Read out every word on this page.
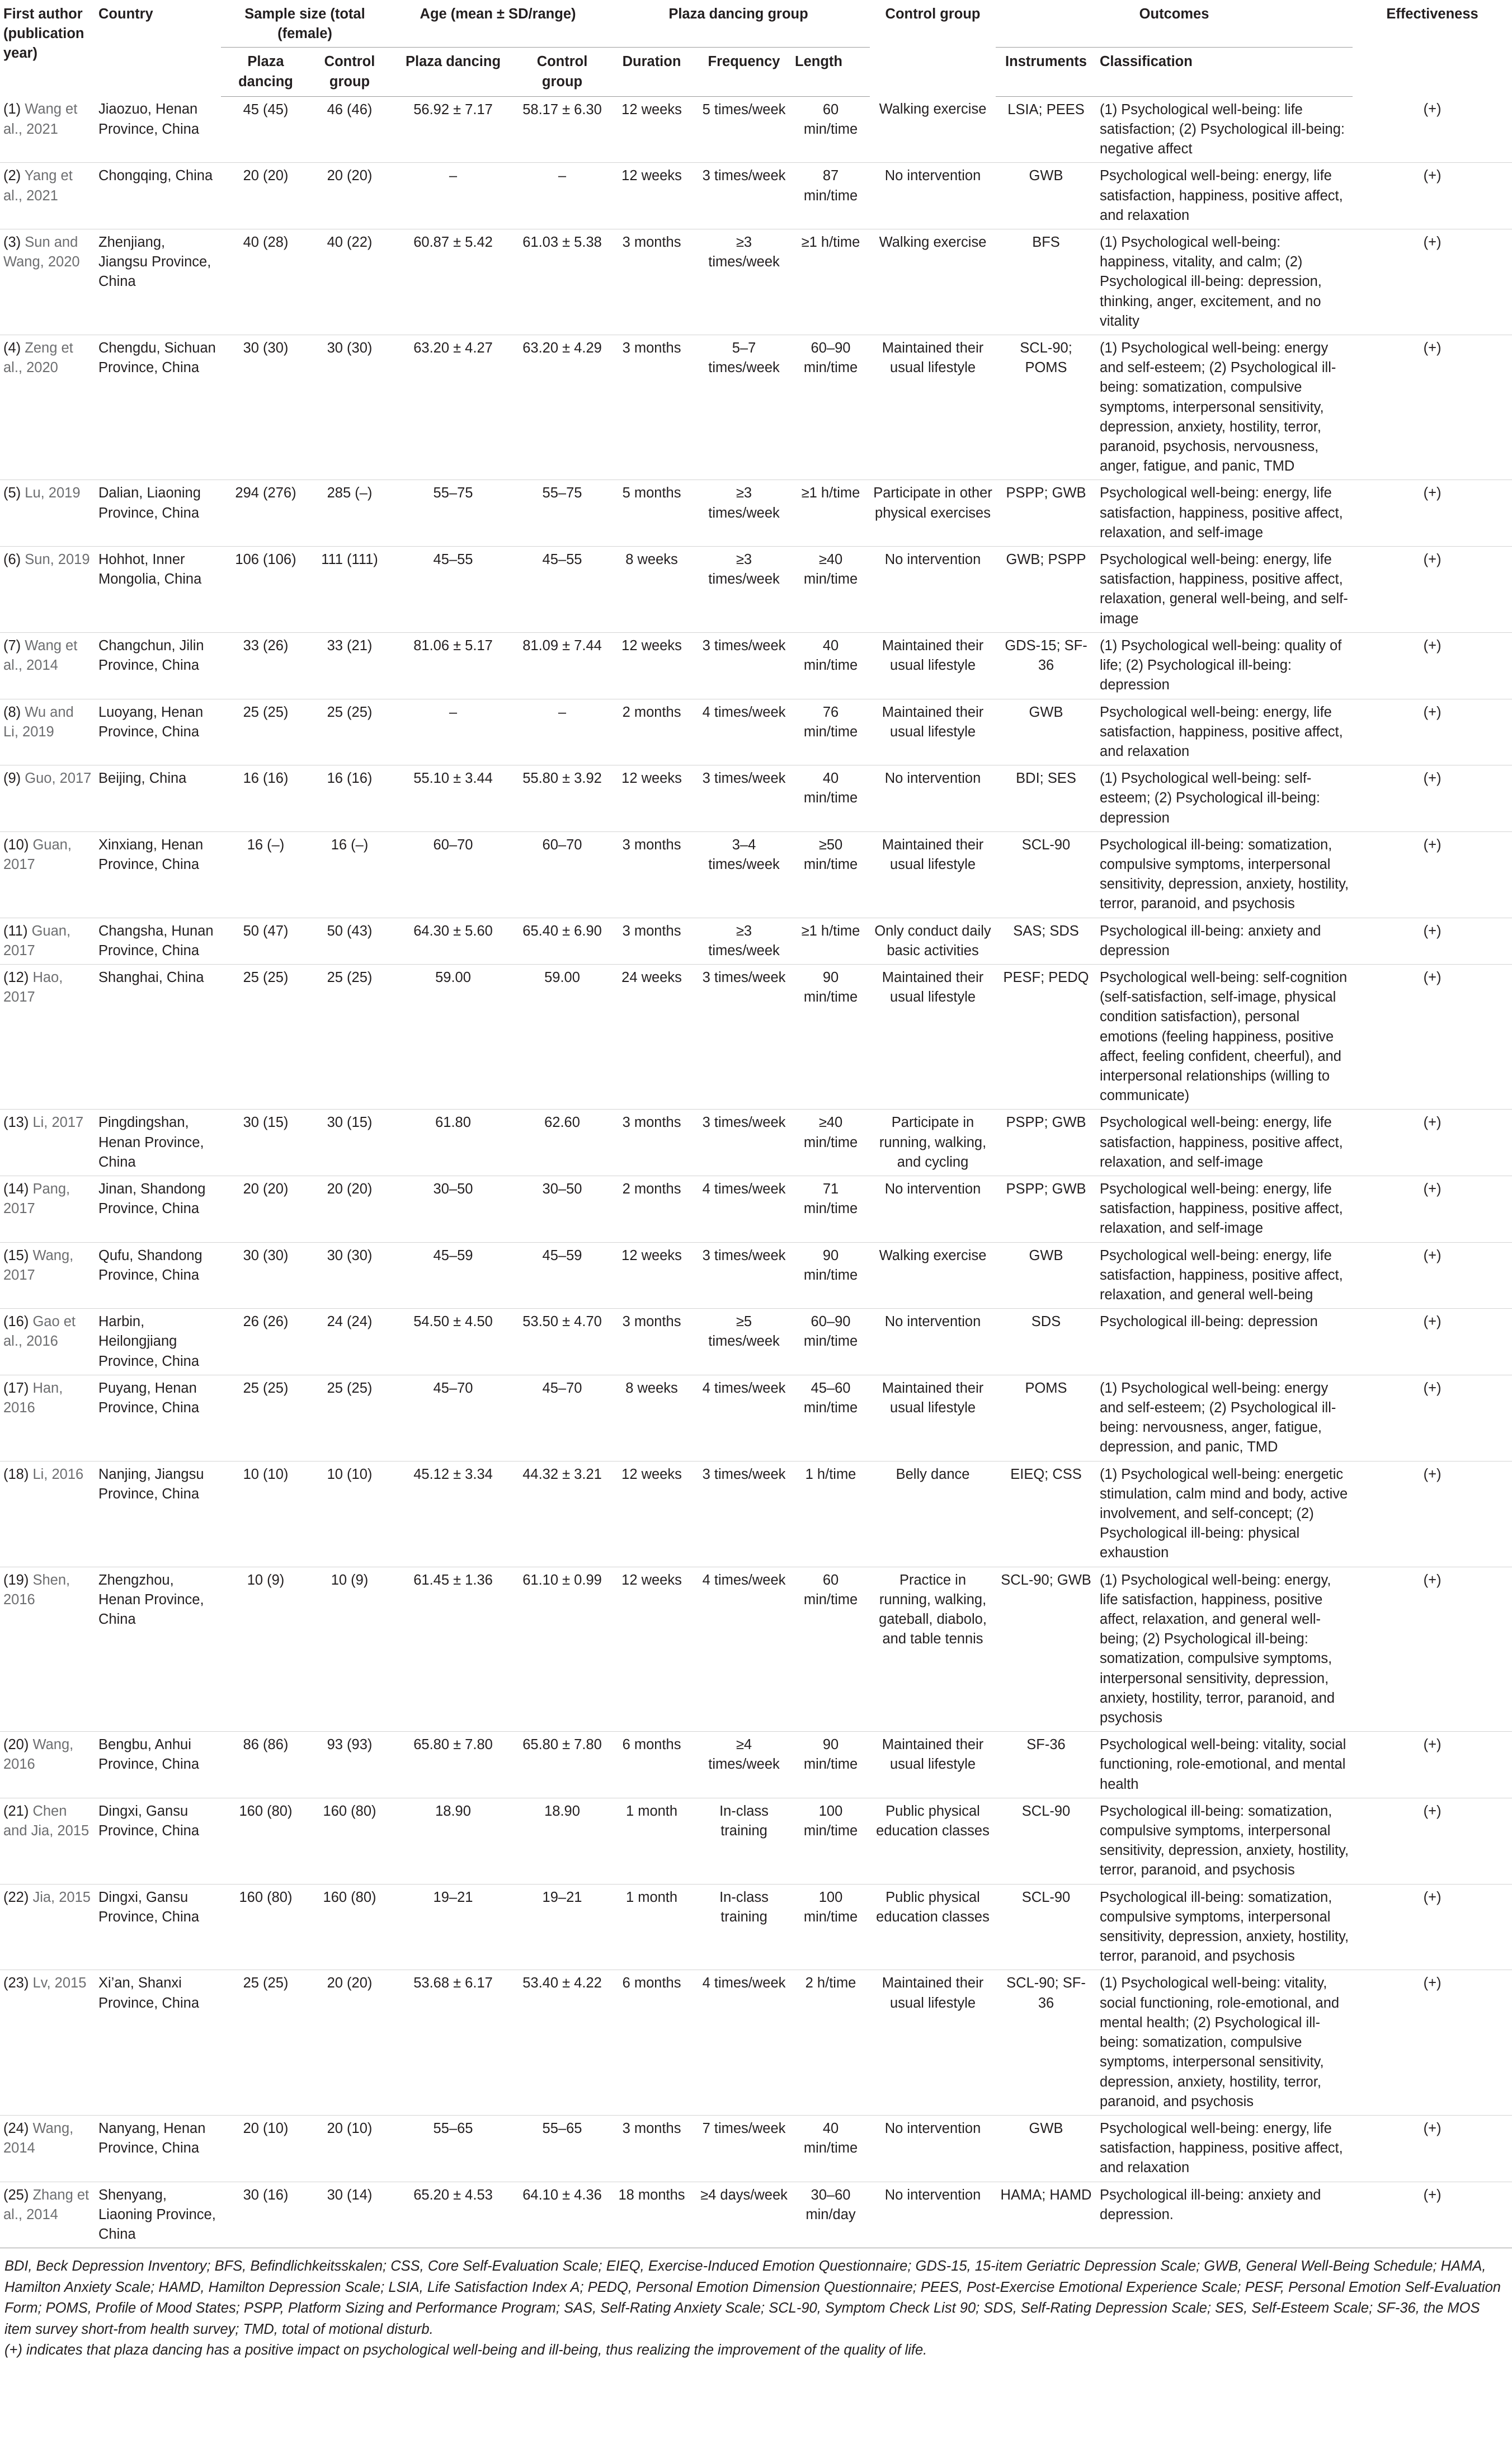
First author (publication year)	Country	Sample size (total (female)		Age (mean ± SD/range)		Plaza dancing group			Control group	Outcomes		Effectiveness
		Plaza dancing	Control group	Plaza dancing	Control group	Duration	Frequency	Length		Instruments	Classification	
(1) Wang et al., 2021	Jiaozuo, Henan Province, China	45 (45)	46 (46)	56.92 ± 7.17	58.17 ± 6.30	12 weeks	5 times/week	60 min/time	Walking exercise	LSIA; PEES	(1) Psychological well-being: life satisfaction; (2) Psychological ill-being: negative affect	(+)
(2) Yang et al., 2021	Chongqing, China	20 (20)	20 (20)	–	–	12 weeks	3 times/week	87 min/time	No intervention	GWB	Psychological well-being: energy, life satisfaction, happiness, positive affect, and relaxation	(+)
(3) Sun and Wang, 2020	Zhenjiang, Jiangsu Province, China	40 (28)	40 (22)	60.87 ± 5.42	61.03 ± 5.38	3 months	≥3 times/week	≥1 h/time	Walking exercise	BFS	(1) Psychological well-being: happiness, vitality, and calm; (2) Psychological ill-being: depression, thinking, anger, excitement, and no vitality	(+)
(4) Zeng et al., 2020	Chengdu, Sichuan Province, China	30 (30)	30 (30)	63.20 ± 4.27	63.20 ± 4.29	3 months	5–7 times/week	60–90 min/time	Maintained their usual lifestyle	SCL-90; POMS	(1) Psychological well-being: energy and self-esteem; (2) Psychological ill-being: somatization, compulsive symptoms, interpersonal sensitivity, depression, anxiety, hostility, terror, paranoid, psychosis, nervousness, anger, fatigue, and panic, TMD	(+)
(5) Lu, 2019	Dalian, Liaoning Province, China	294 (276)	285 (–)	55–75	55–75	5 months	≥3 times/week	≥1 h/time	Participate in other physical exercises	PSPP; GWB	Psychological well-being: energy, life satisfaction, happiness, positive affect, relaxation, and self-image	(+)
(6) Sun, 2019	Hohhot, Inner Mongolia, China	106 (106)	111 (111)	45–55	45–55	8 weeks	≥3 times/week	≥40 min/time	No intervention	GWB; PSPP	Psychological well-being: energy, life satisfaction, happiness, positive affect, relaxation, general well-being, and self-image	(+)
(7) Wang et al., 2014	Changchun, Jilin Province, China	33 (26)	33 (21)	81.06 ± 5.17	81.09 ± 7.44	12 weeks	3 times/week	40 min/time	Maintained their usual lifestyle	GDS-15; SF-36	(1) Psychological well-being: quality of life; (2) Psychological ill-being: depression	(+)
(8) Wu and Li, 2019	Luoyang, Henan Province, China	25 (25)	25 (25)	–	–	2 months	4 times/week	76 min/time	Maintained their usual lifestyle	GWB	Psychological well-being: energy, life satisfaction, happiness, positive affect, and relaxation	(+)
(9) Guo, 2017	Beijing, China	16 (16)	16 (16)	55.10 ± 3.44	55.80 ± 3.92	12 weeks	3 times/week	40 min/time	No intervention	BDI; SES	(1) Psychological well-being: self-esteem; (2) Psychological ill-being: depression	(+)
(10) Guan, 2017	Xinxiang, Henan Province, China	16 (–)	16 (–)	60–70	60–70	3 months	3–4 times/week	≥50 min/time	Maintained their usual lifestyle	SCL-90	Psychological ill-being: somatization, compulsive symptoms, interpersonal sensitivity, depression, anxiety, hostility, terror, paranoid, and psychosis	(+)
(11) Guan, 2017	Changsha, Hunan Province, China	50 (47)	50 (43)	64.30 ± 5.60	65.40 ± 6.90	3 months	≥3 times/week	≥1 h/time	Only conduct daily basic activities	SAS; SDS	Psychological ill-being: anxiety and depression	(+)
(12) Hao, 2017	Shanghai, China	25 (25)	25 (25)	59.00	59.00	24 weeks	3 times/week	90 min/time	Maintained their usual lifestyle	PESF; PEDQ	Psychological well-being: self-cognition (self-satisfaction, self-image, physical condition satisfaction), personal emotions (feeling happiness, positive affect, feeling confident, cheerful), and interpersonal relationships (willing to communicate)	(+)
(13) Li, 2017	Pingdingshan, Henan Province, China	30 (15)	30 (15)	61.80	62.60	3 months	3 times/week	≥40 min/time	Participate in running, walking, and cycling	PSPP; GWB	Psychological well-being: energy, life satisfaction, happiness, positive affect, relaxation, and self-image	(+)
(14) Pang, 2017	Jinan, Shandong Province, China	20 (20)	20 (20)	30–50	30–50	2 months	4 times/week	71 min/time	No intervention	PSPP; GWB	Psychological well-being: energy, life satisfaction, happiness, positive affect, relaxation, and self-image	(+)
(15) Wang, 2017	Qufu, Shandong Province, China	30 (30)	30 (30)	45–59	45–59	12 weeks	3 times/week	90 min/time	Walking exercise	GWB	Psychological well-being: energy, life satisfaction, happiness, positive affect, relaxation, and general well-being	(+)
(16) Gao et al., 2016	Harbin, Heilongjiang Province, China	26 (26)	24 (24)	54.50 ± 4.50	53.50 ± 4.70	3 months	≥5 times/week	60–90 min/time	No intervention	SDS	Psychological ill-being: depression	(+)
(17) Han, 2016	Puyang, Henan Province, China	25 (25)	25 (25)	45–70	45–70	8 weeks	4 times/week	45–60 min/time	Maintained their usual lifestyle	POMS	(1) Psychological well-being: energy and self-esteem; (2) Psychological ill-being: nervousness, anger, fatigue, depression, and panic, TMD	(+)
(18) Li, 2016	Nanjing, Jiangsu Province, China	10 (10)	10 (10)	45.12 ± 3.34	44.32 ± 3.21	12 weeks	3 times/week	1 h/time	Belly dance	EIEQ; CSS	(1) Psychological well-being: energetic stimulation, calm mind and body, active involvement, and self-concept; (2) Psychological ill-being: physical exhaustion	(+)
(19) Shen, 2016	Zhengzhou, Henan Province, China	10 (9)	10 (9)	61.45 ± 1.36	61.10 ± 0.99	12 weeks	4 times/week	60 min/time	Practice in running, walking, gateball, diabolo, and table tennis	SCL-90; GWB	(1) Psychological well-being: energy, life satisfaction, happiness, positive affect, relaxation, and general well-being; (2) Psychological ill-being: somatization, compulsive symptoms, interpersonal sensitivity, depression, anxiety, hostility, terror, paranoid, and psychosis	(+)
(20) Wang, 2016	Bengbu, Anhui Province, China	86 (86)	93 (93)	65.80 ± 7.80	65.80 ± 7.80	6 months	≥4 times/week	90 min/time	Maintained their usual lifestyle	SF-36	Psychological well-being: vitality, social functioning, role-emotional, and mental health	(+)
(21) Chen and Jia, 2015	Dingxi, Gansu Province, China	160 (80)	160 (80)	18.90	18.90	1 month	In-class training	100 min/time	Public physical education classes	SCL-90	Psychological ill-being: somatization, compulsive symptoms, interpersonal sensitivity, depression, anxiety, hostility, terror, paranoid, and psychosis	(+)
(22) Jia, 2015	Dingxi, Gansu Province, China	160 (80)	160 (80)	19–21	19–21	1 month	In-class training	100 min/time	Public physical education classes	SCL-90	Psychological ill-being: somatization, compulsive symptoms, interpersonal sensitivity, depression, anxiety, hostility, terror, paranoid, and psychosis	(+)
(23) Lv, 2015	Xi’an, Shanxi Province, China	25 (25)	20 (20)	53.68 ± 6.17	53.40 ± 4.22	6 months	4 times/week	2 h/time	Maintained their usual lifestyle	SCL-90; SF-36	(1) Psychological well-being: vitality, social functioning, role-emotional, and mental health; (2) Psychological ill-being: somatization, compulsive symptoms, interpersonal sensitivity, depression, anxiety, hostility, terror, paranoid, and psychosis	(+)
(24) Wang, 2014	Nanyang, Henan Province, China	20 (10)	20 (10)	55–65	55–65	3 months	7 times/week	40 min/time	No intervention	GWB	Psychological well-being: energy, life satisfaction, happiness, positive affect, and relaxation	(+)
(25) Zhang et al., 2014	Shenyang, Liaoning Province, China	30 (16)	30 (14)	65.20 ± 4.53	64.10 ± 4.36	18 months	≥4 days/week	30–60 min/day	No intervention	HAMA; HAMD	Psychological ill-being: anxiety and depression.	(+)

BDI, Beck Depression Inventory; BFS, Befindlichkeitsskalen; CSS, Core Self-Evaluation Scale; EIEQ, Exercise-Induced Emotion Questionnaire; GDS-15, 15-item Geriatric Depression Scale; GWB, General Well-Being Schedule; HAMA, Hamilton Anxiety Scale; HAMD, Hamilton Depression Scale; LSIA, Life Satisfaction Index A; PEDQ, Personal Emotion Dimension Questionnaire; PEES, Post-Exercise Emotional Experience Scale; PESF, Personal Emotion Self-Evaluation Form; POMS, Profile of Mood States; PSPP, Platform Sizing and Performance Program; SAS, Self-Rating Anxiety Scale; SCL-90, Symptom Check List 90; SDS, Self-Rating Depression Scale; SES, Self-Esteem Scale; SF-36, the MOS item survey short-from health survey; TMD, total of motional disturb.

(+) indicates that plaza dancing has a positive impact on psychological well-being and ill-being, thus realizing the improvement of the quality of life.
